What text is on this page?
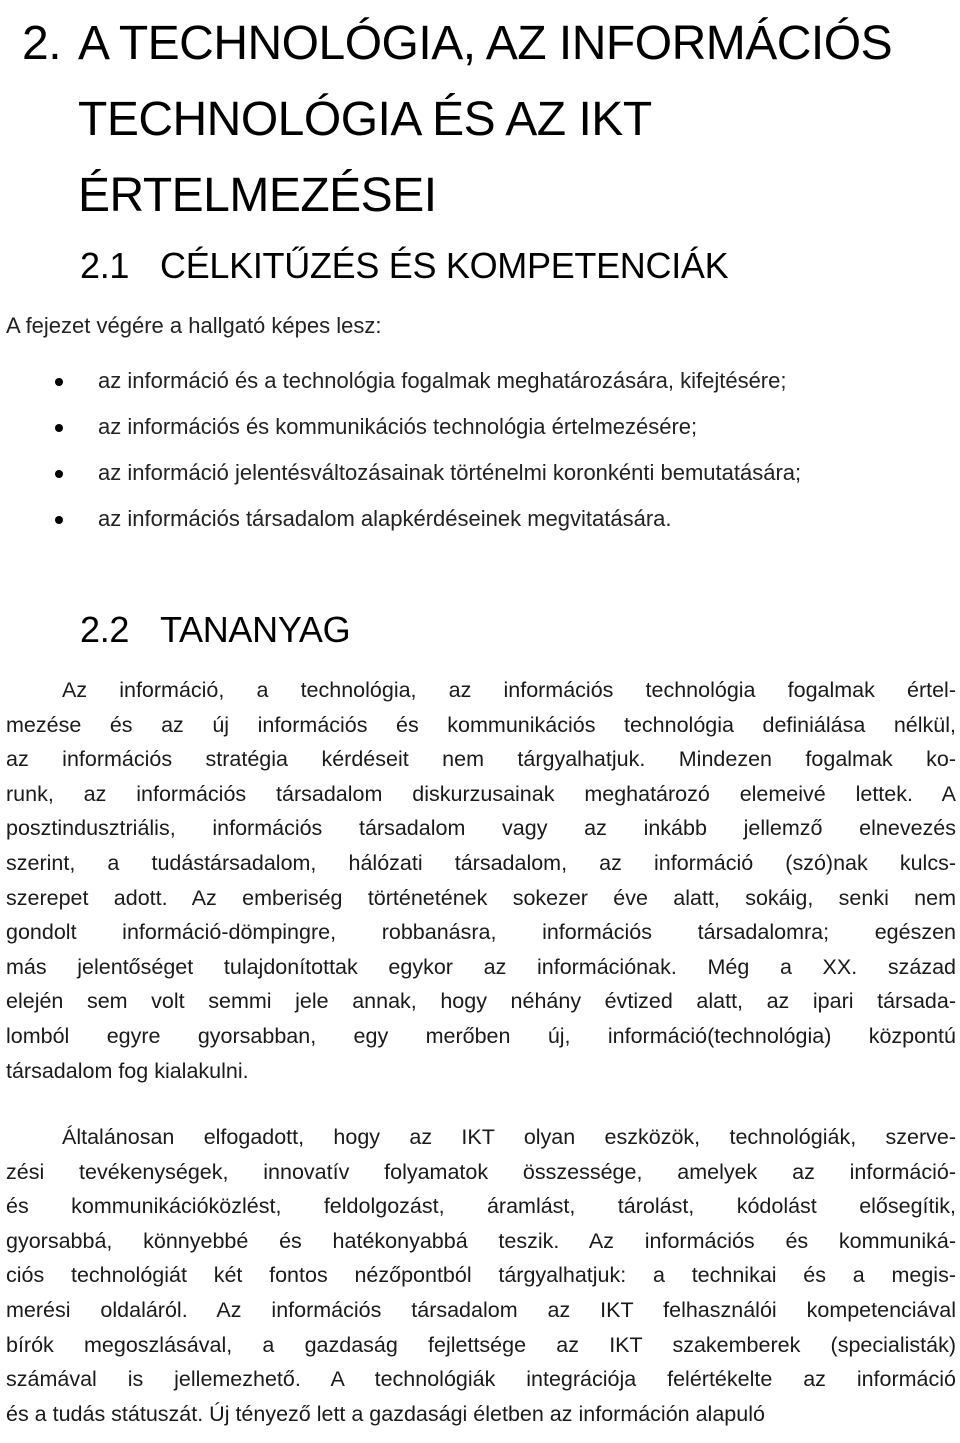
2. A TECHNOLÓGIA, AZ INFORMÁCIÓS
TECHNOLÓGIA ÉS AZ IKT
ÉRTELMEZÉSEI
2.1 CÉLKITŰZÉS ÉS KOMPETENCIÁK
A fejezet végére a hallgató képes lesz:
az információ és a technológia fogalmak meghatározására, kifejtésére;
az információs és kommunikációs technológia értelmezésére;
az információ jelentésváltozásainak történelmi koronkénti bemutatására;
az információs társadalom alapkérdéseinek megvitatására.
2.2 TANANYAG
Az információ, a technológia, az információs technológia fogalmak értel-
mezése és az új információs és kommunikációs technológia definiálása nélkül,
az információs stratégia kérdéseit nem tárgyalhatjuk. Mindezen fogalmak ko-
runk, az információs társadalom diskurzusainak meghatározó elemeivé lettek. A
posztindusztriális, információs társadalom vagy az inkább jellemző elnevezés
szerint, a tudástársadalom, hálózati társadalom, az információ (szó)nak kulcs-
szerepet adott. Az emberiség történetének sokezer éve alatt, sokáig, senki nem
gondolt információ-dömpingre, robbanásra, információs társadalomra; egészen
más jelentőséget tulajdonítottak egykor az információnak. Még a XX. század
elején sem volt semmi jele annak, hogy néhány évtized alatt, az ipari társada-
lomból egyre gyorsabban, egy merőben új, információ(technológia) központú
társadalom fog kialakulni.
Általánosan elfogadott, hogy az IKT olyan eszközök, technológiák, szerve-
zési tevékenységek, innovatív folyamatok összessége, amelyek az információ-
és kommunikációközlést, feldolgozást, áramlást, tárolást, kódolást elősegítik,
gyorsabbá, könnyebbé és hatékonyabbá teszik. Az információs és kommuniká-
ciós technológiát két fontos nézőpontból tárgyalhatjuk: a technikai és a megis-
merési oldaláról. Az információs társadalom az IKT felhasználói kompetenciával
bírók megoszlásával, a gazdaság fejlettsége az IKT szakemberek (specialisták)
számával is jellemezhető. A technológiák integrációja felértékelte az információ
és a tudás státuszát. Új tényező lett a gazdasági életben az információn alapuló
